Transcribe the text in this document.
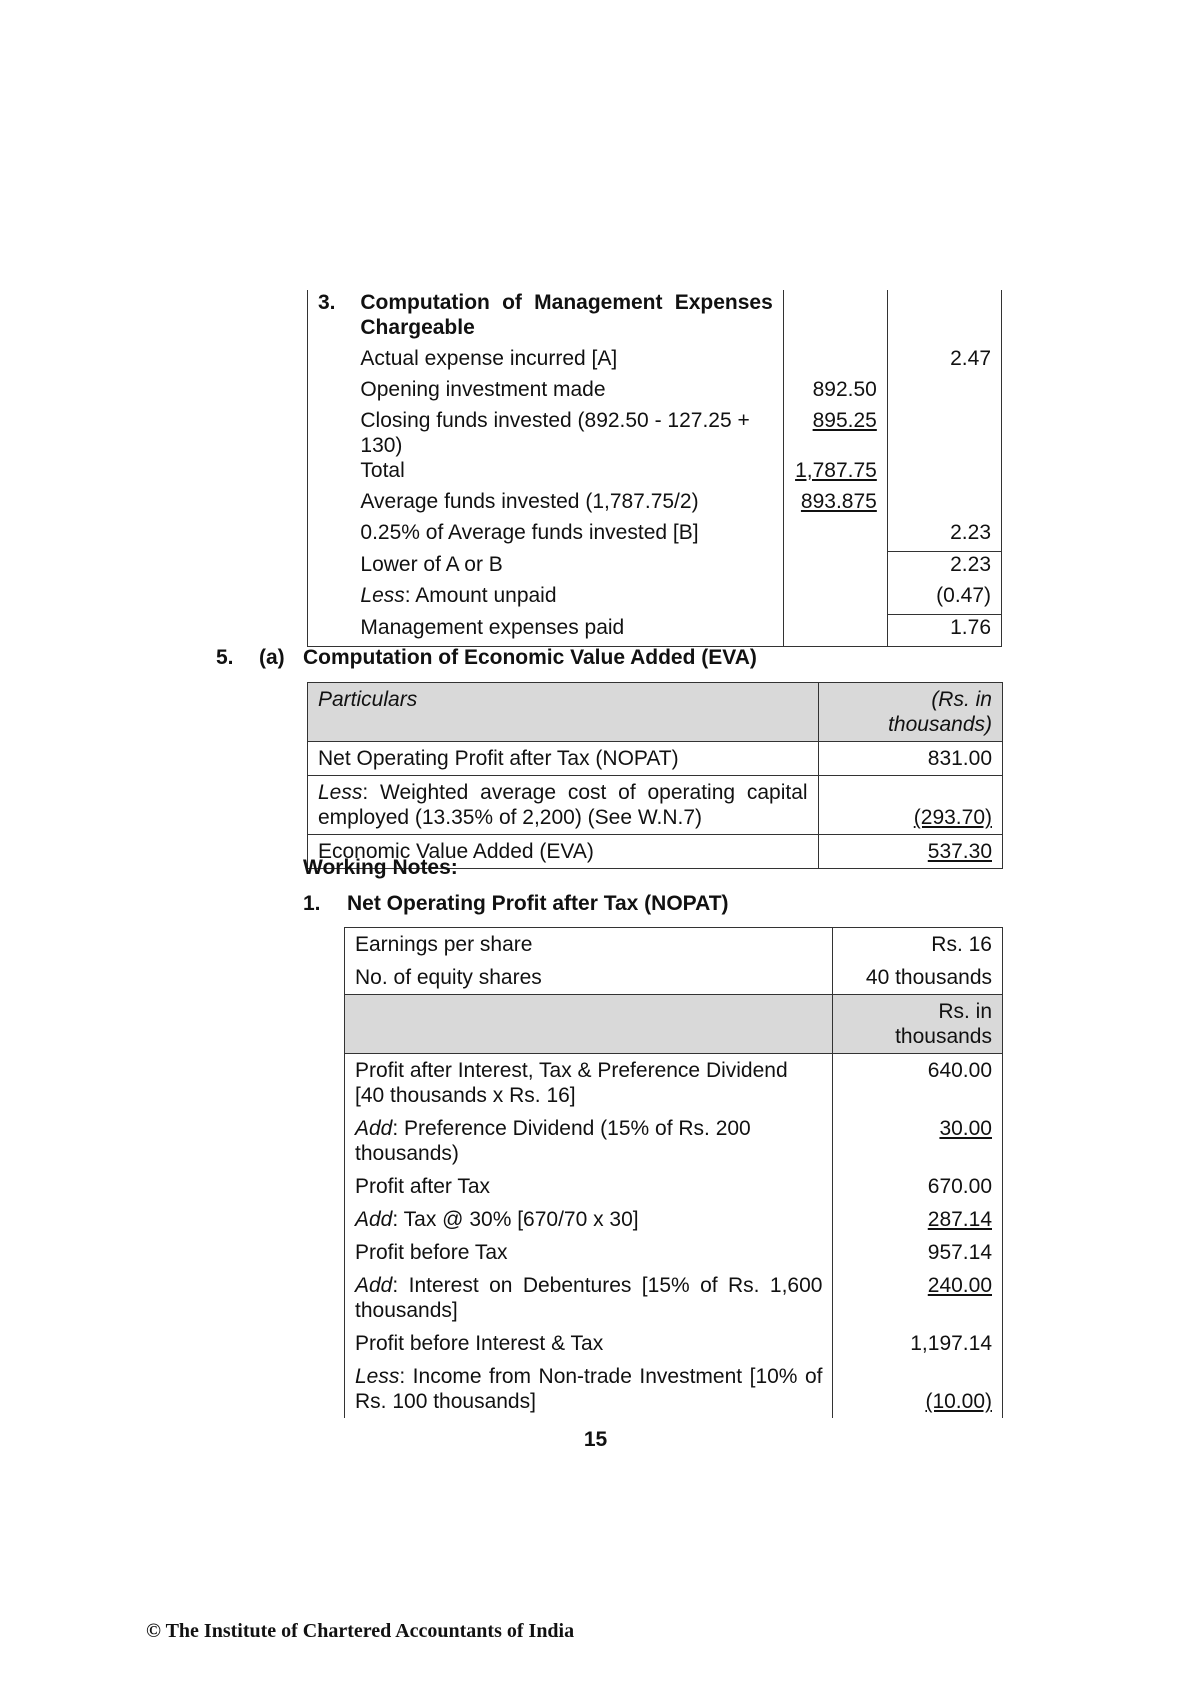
3.	Computation of Management Expenses Chargeable		
	Actual expense incurred [A]		2.47
	Opening investment made	892.50	
	Closing funds invested (892.50 - 127.25 + 130)	895.25	
	Total	1,787.75	
	Average funds invested (1,787.75/2)	893.875	
	0.25% of Average funds invested [B]		2.23
	Lower of A or B		2.23
	Less: Amount unpaid		(0.47)
	Management expenses paid		1.76
5. (a) Computation of Economic Value Added (EVA)
Particulars	(Rs. in thousands)
Net Operating Profit after Tax (NOPAT)	831.00
Less: Weighted average cost of operating capital employed (13.35% of 2,200) (See W.N.7)	(293.70)
Economic Value Added (EVA)	537.30
Working Notes:
1. Net Operating Profit after Tax (NOPAT)
Earnings per share	Rs. 16
No. of equity shares	40 thousands
	Rs. in thousands
Profit after Interest, Tax & Preference Dividend
[40 thousands x Rs. 16]	640.00
Add: Preference Dividend (15% of Rs. 200 thousands)	30.00
Profit after Tax	670.00
Add: Tax @ 30% [670/70 x 30]	287.14
Profit before Tax	957.14
Add: Interest on Debentures [15% of Rs. 1,600 thousands]	240.00
Profit before Interest & Tax	1,197.14
Less: Income from Non-trade Investment [10% of Rs. 100 thousands]	(10.00)
15
© The Institute of Chartered Accountants of India
